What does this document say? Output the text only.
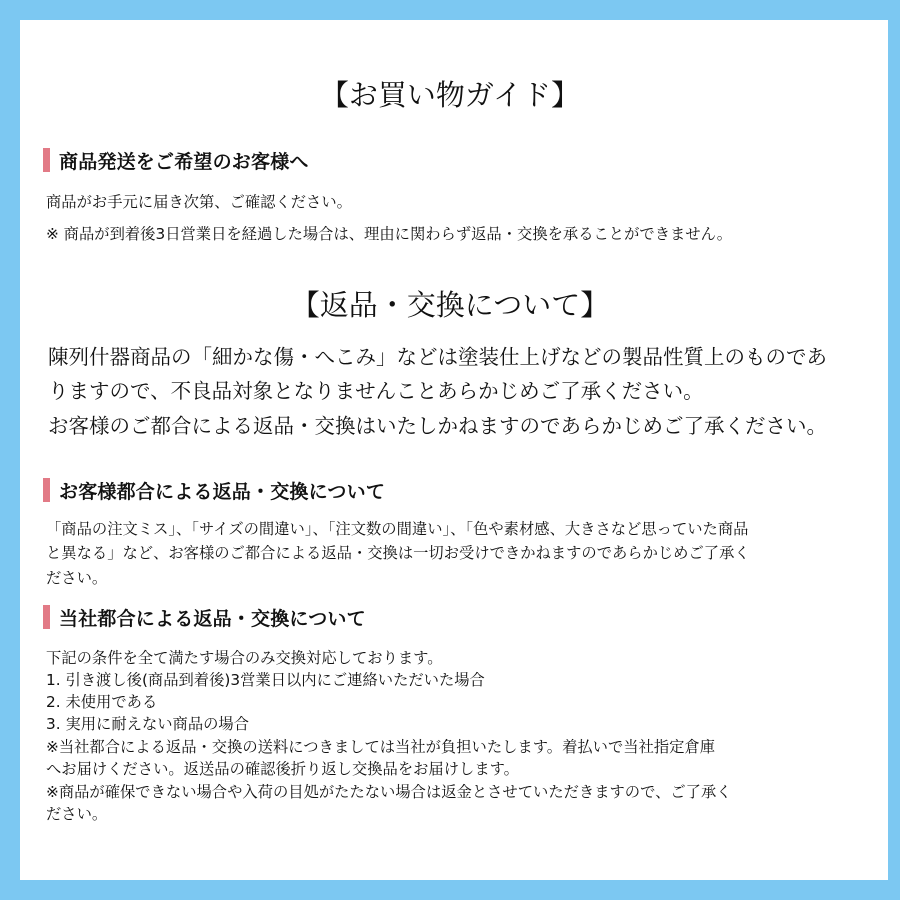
【お買い物ガイド】
商品発送をご希望のお客様へ
商品がお手元に届き次第、ご確認ください。
※ 商品が到着後3日営業日を経過した場合は、理由に関わらず返品・交換を承ることができません。
【返品・交換について】
陳列什器商品の「細かな傷・へこみ」などは塗装仕上げなどの製品性質上のものであ
りますので、不良品対象となりませんことあらかじめご了承ください。
お客様のご都合による返品・交換はいたしかねますのであらかじめご了承ください。
お客様都合による返品・交換について
「商品の注文ミス」、「サイズの間違い」、「注文数の間違い」、「色や素材感、大きさなど思っていた商品
と異なる」など、お客様のご都合による返品・交換は一切お受けできかねますのであらかじめご了承く
ださい。
当社都合による返品・交換について
下記の条件を全て満たす場合のみ交換対応しております。
1. 引き渡し後(商品到着後)3営業日以内にご連絡いただいた場合
2. 未使用である
3. 実用に耐えない商品の場合
※当社都合による返品・交換の送料につきましては当社が負担いたします。着払いで当社指定倉庫
へお届けください。返送品の確認後折り返し交換品をお届けします。
※商品が確保できない場合や入荷の目処がたたない場合は返金とさせていただきますので、ご了承く
ださい。
